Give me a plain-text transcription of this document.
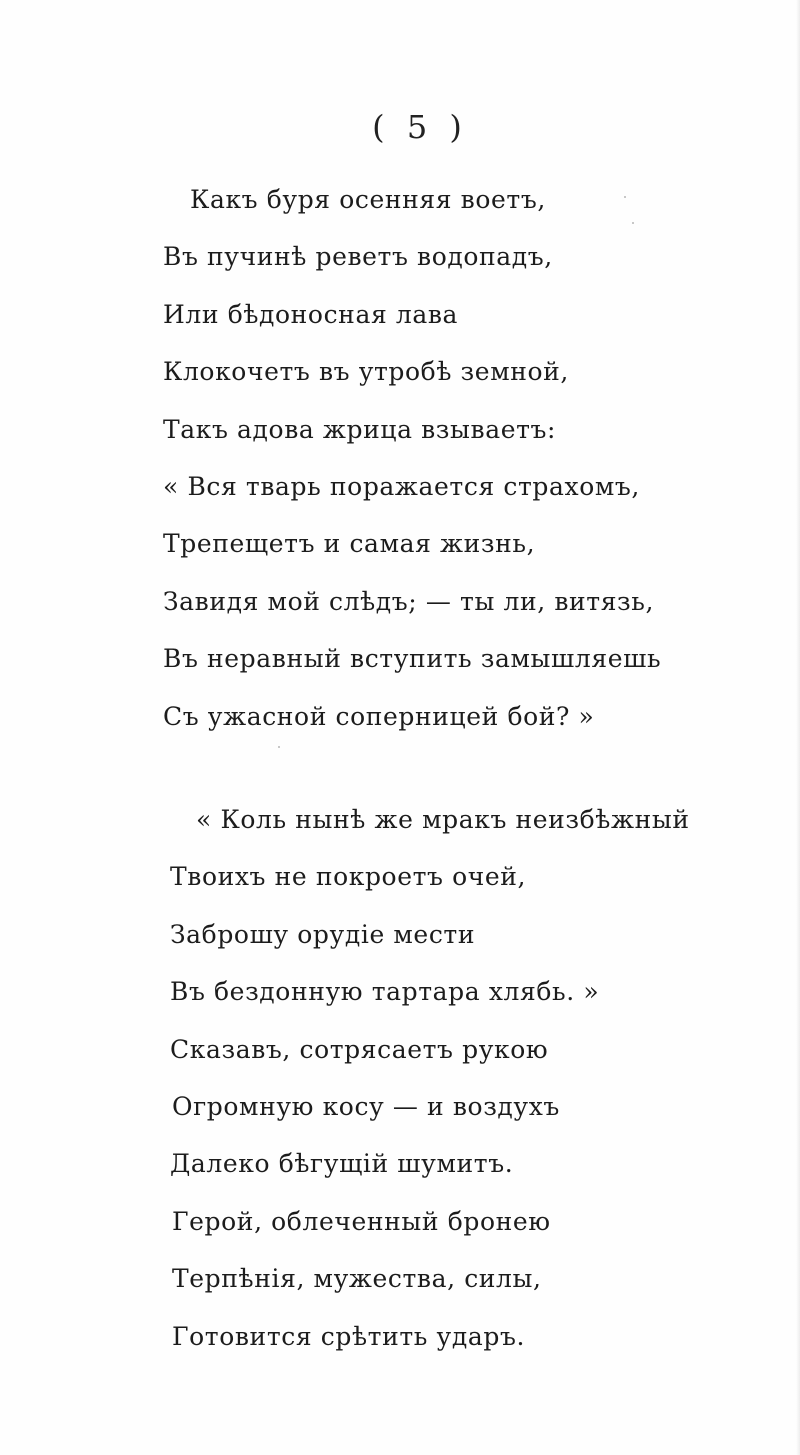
( 5 )
Какъ буря осенняя воетъ,
Въ пучинѣ реветъ водопадъ,
Или бѣдоносная лава
Клокочетъ въ утробѣ земной,
Такъ адова жрица взываетъ:
« Вся тварь поражается страхомъ,
Трепещетъ и самая жизнь,
Завидя мой слѣдъ; — ты ли, витязь,
Въ неравный вступить замышляешь
Съ ужасной соперницей бой? »
« Коль нынѣ же мракъ неизбѣжный
Твоихъ не покроетъ очей,
Заброшу орудіе мести
Въ бездонную тартара хлябь. »
Сказавъ, сотрясаетъ рукою
Огромную косу — и воздухъ
Далеко бѣгущій шумитъ.
Герой, облеченный бронею
Терпѣнія, мужества, силы,
Готовится срѣтить ударъ.
